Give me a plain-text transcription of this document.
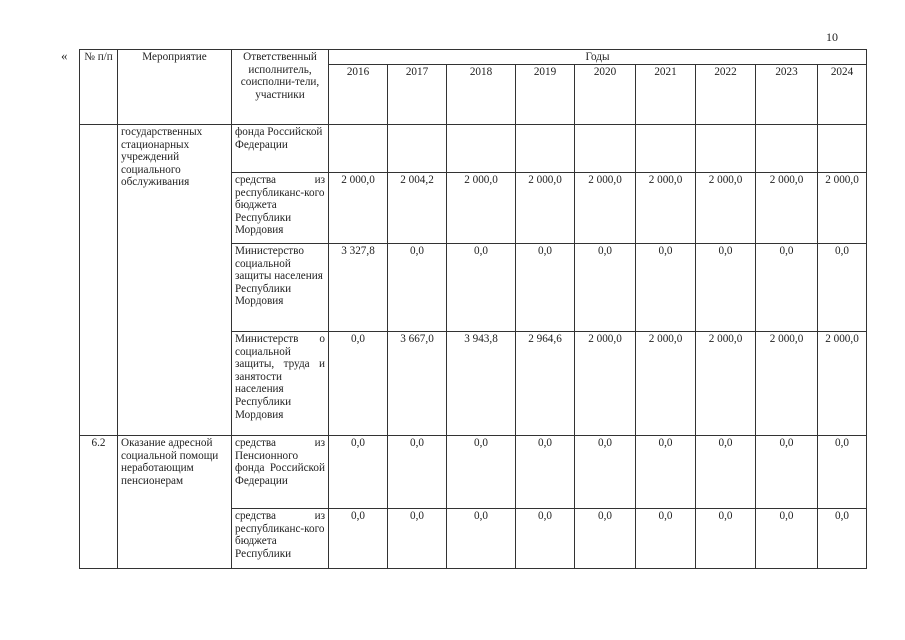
10
« № п/п	Мероприятие	Ответственный исполнитель, соисполни-тели, участники	Годы								
			2016	2017	2018	2019	2020	2021	2022	2023	2024
	государственных стационарных учреждений социального обслуживания	фонда Российской Федерации									
		средства из республиканс-кого бюджета Республики Мордовия	2 000,0	2 004,2	2 000,0	2 000,0	2 000,0	2 000,0	2 000,0	2 000,0	2 000,0
		Министерство социальной защиты населения Республики Мордовия	3 327,8	0,0	0,0	0,0	0,0	0,0	0,0	0,0	0,0
		Министерств о социальной защиты, труда и занятости населения Республики Мордовия	0,0	3 667,0	3 943,8	2 964,6	2 000,0	2 000,0	2 000,0	2 000,0	2 000,0
6.2	Оказание адресной социальной помощи неработающим пенсионерам	средства из Пенсионного фонда Российской Федерации	0,0	0,0	0,0	0,0	0,0	0,0	0,0	0,0	0,0
		средства из республиканс-кого бюджета Республики	0,0	0,0	0,0	0,0	0,0	0,0	0,0	0,0	0,0
